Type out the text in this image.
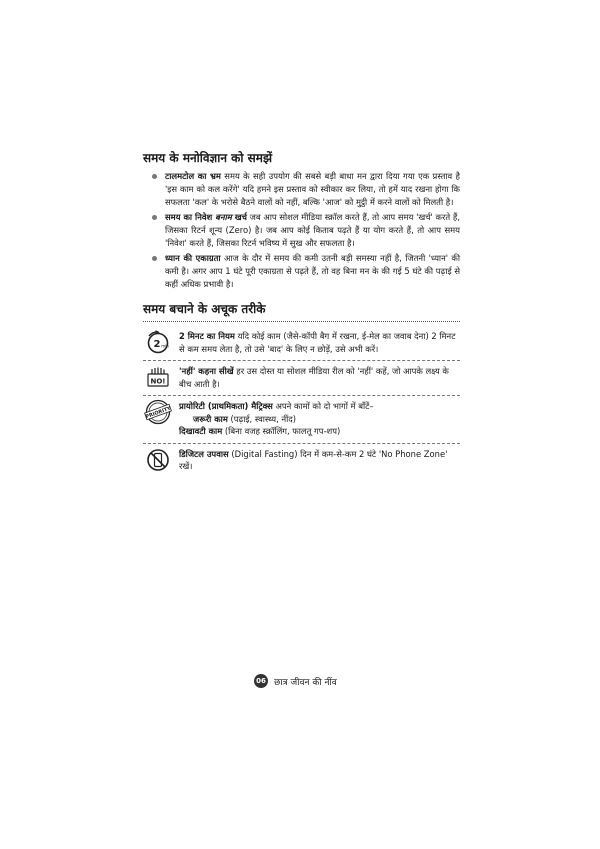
समय के मनोविज्ञान को समझें
टालमटोल का भ्रम समय के सही उपयोग की सबसे बड़ी बाधा मन द्वारा दिया गया एक प्रस्ताव है 'इस काम को कल करेंगे' यदि हमने इस प्रस्ताव को स्वीकार कर लिया, तो हमें याद रखना होगा कि सफलता 'कल' के भरोसे बैठने वालों को नहीं, बल्कि 'आज' को मुट्ठी में करने वालों को मिलती है।
समय का निवेश बनाम खर्च जब आप सोशल मीडिया स्क्रॉल करते हैं, तो आप समय 'खर्च' करते हैं, जिसका रिटर्न शून्य (Zero) है। जब आप कोई किताब पढ़ते हैं या योग करते हैं, तो आप समय 'निवेश' करते हैं, जिसका रिटर्न भविष्य में सुख और सफलता है।
ध्यान की एकाग्रता आज के दौर में समय की कमी उतनी बड़ी समस्या नहीं है, जितनी 'ध्यान' की कमी है। अगर आप 1 घंटे पूरी एकाग्रता से पढ़ते हैं, तो वह बिना मन के की गई 5 घंटे की पढ़ाई से कहीं अधिक प्रभावी है।
समय बचाने के अचूक तरीके
2 min
2 मिनट का नियम यदि कोई काम (जैसे-कॉपी बैग में रखना, ई-मेल का जवाब देना) 2 मिनट से कम समय लेता है, तो उसे 'बाद' के लिए न छोड़ें, उसे अभी करें।
NO!
'नहीं' कहना सीखें हर उस दोस्त या सोशल मीडिया रील को 'नहीं' कहें, जो आपके लक्ष्य के बीच आती है।
PRIORITY प्रायोरिटी (प्राथमिकता) मैट्रिक्स अपने कामों को दो भागों में बाँटें–
जरूरी काम (पढ़ाई, स्वास्थ्य, नींद)
दिखावटी काम (बिना वजह स्क्रॉलिंग, फालतू गप-शप)
डिजिटल उपवास (Digital Fasting) दिन में कम-से-कम 2 घंटे 'No Phone Zone' रखें।
06 छात्र जीवन की नींव
